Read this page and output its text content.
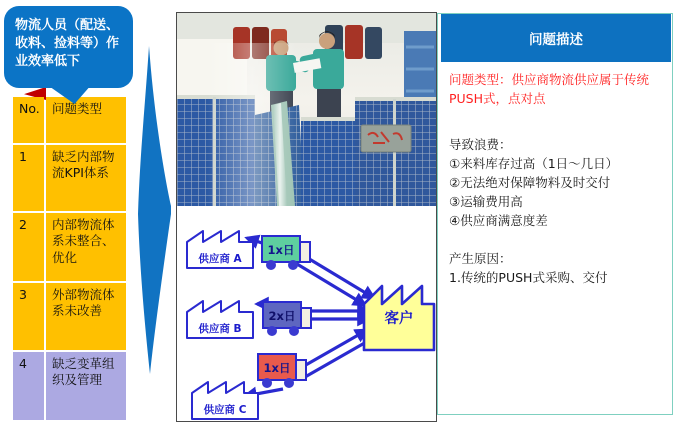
物流人员（配送、收料、捡料等）作业效率低下
No. 问题类型
1	缺乏内部物流KPI体系
2	内部物流体系未整合、优化
3	外部物流体系未改善
4	缺乏变革组织及管理
供应商 A
供应商 B
供应商 C
客户
1x日
2x日
1x日
问题描述
问题类型：供应商物流供应属于传统PUSH式，点对点
导致浪费：
①来料库存过高（1日～几日）
②无法绝对保障物料及时交付
③运输费用高
④供应商满意度差
产生原因：
1.传统的PUSH式采购、交付
